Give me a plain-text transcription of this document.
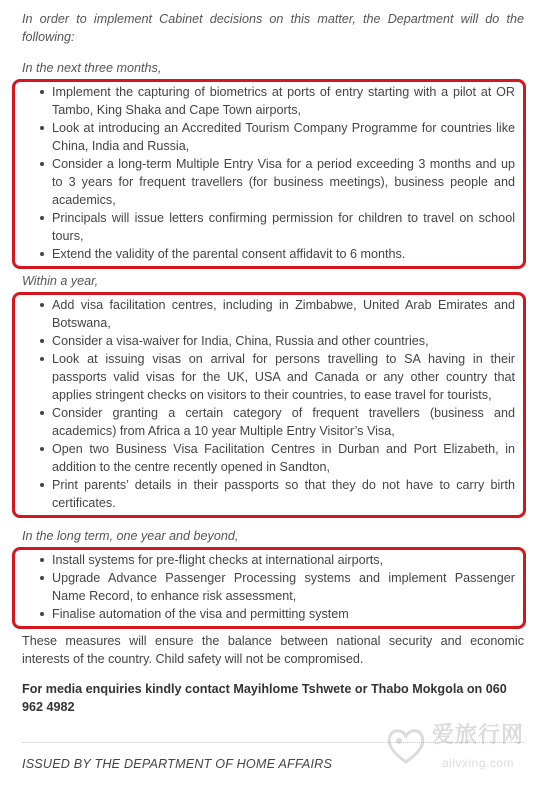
In order to implement Cabinet decisions on this matter, the Department will do the following:

In the next three months,

Implement the capturing of biometrics at ports of entry starting with a pilot at OR Tambo, King Shaka and Cape Town airports,
Look at introducing an Accredited Tourism Company Programme for countries like China, India and Russia,
Consider a long-term Multiple Entry Visa for a period exceeding 3 months and up to 3 years for frequent travellers (for business meetings), business people and academics,
Principals will issue letters confirming permission for children to travel on school tours,
Extend the validity of the parental consent affidavit to 6 months.

Within a year,

Add visa facilitation centres, including in Zimbabwe, United Arab Emirates and Botswana,
Consider a visa-waiver for India, China, Russia and other countries,
Look at issuing visas on arrival for persons travelling to SA having in their passports valid visas for the UK, USA and Canada or any other country that applies stringent checks on visitors to their countries, to ease travel for tourists,
Consider granting a certain category of frequent travellers (business and academics) from Africa a 10 year Multiple Entry Visitor’s Visa,
Open two Business Visa Facilitation Centres in Durban and Port Elizabeth, in addition to the centre recently opened in Sandton,
Print parents’ details in their passports so that they do not have to carry birth certificates.

In the long term, one year and beyond,

Install systems for pre-flight checks at international airports,
Upgrade Advance Passenger Processing systems and implement Passenger Name Record, to enhance risk assessment,
Finalise automation of the visa and permitting system

These measures will ensure the balance between national security and economic interests of the country. Child safety will not be compromised.

For media enquiries kindly contact Mayihlome Tshwete or Thabo Mokgola on 060 962 4982

ISSUED BY THE DEPARTMENT OF HOME AFFAIRS

爱旅行网
ailvxing.com
